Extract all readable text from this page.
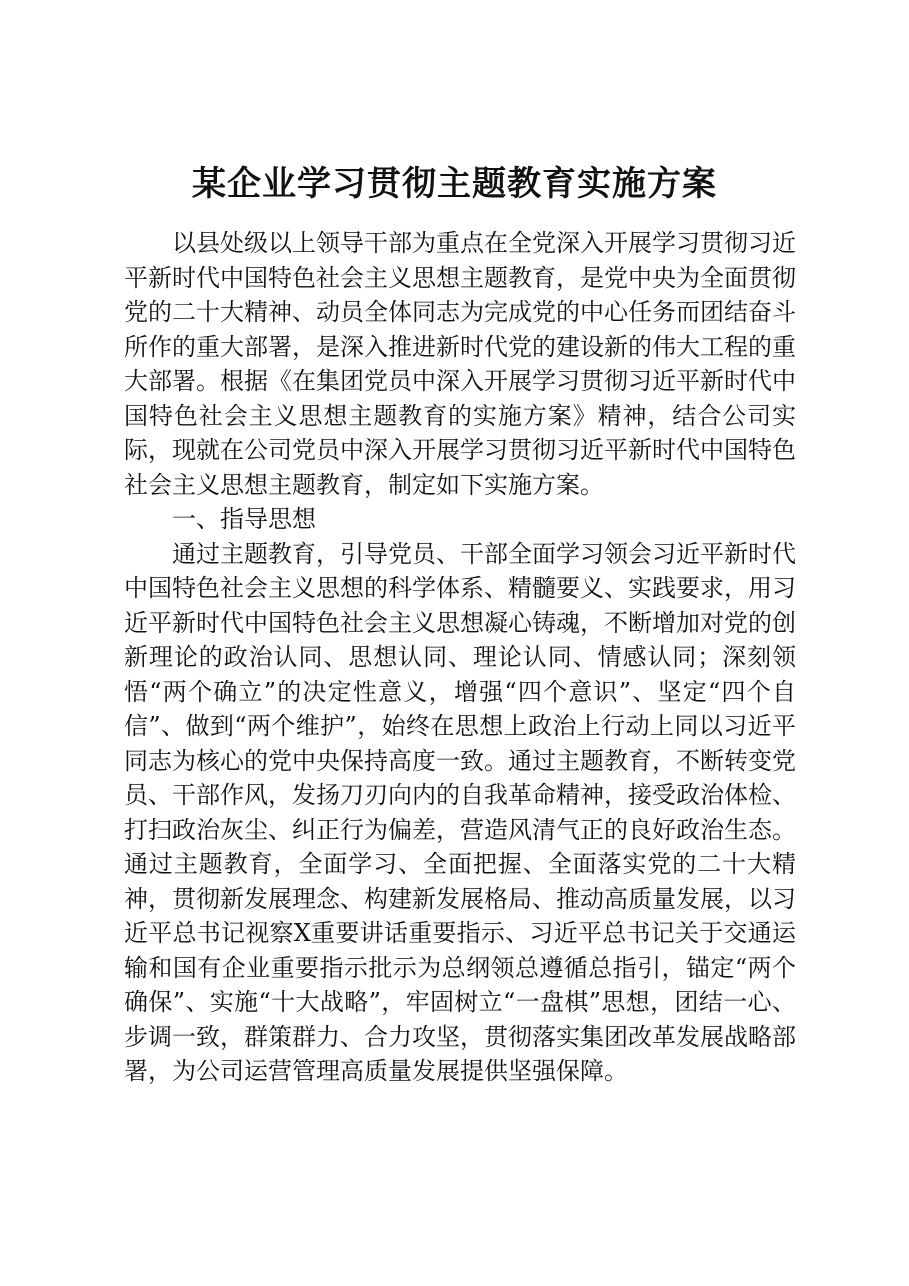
某企业学习贯彻主题教育实施方案

以县处级以上领导干部为重点在全党深入开展学习贯彻习近平新时代中国特色社会主义思想主题教育，是党中央为全面贯彻党的二十大精神、动员全体同志为完成党的中心任务而团结奋斗所作的重大部署，是深入推进新时代党的建设新的伟大工程的重大部署。根据《在集团党员中深入开展学习贯彻习近平新时代中国特色社会主义思想主题教育的实施方案》精神，结合公司实际，现就在公司党员中深入开展学习贯彻习近平新时代中国特色社会主义思想主题教育，制定如下实施方案。

一、指导思想

通过主题教育，引导党员、干部全面学习领会习近平新时代中国特色社会主义思想的科学体系、精髓要义、实践要求，用习近平新时代中国特色社会主义思想凝心铸魂，不断增加对党的创新理论的政治认同、思想认同、理论认同、情感认同；深刻领悟“两个确立”的决定性意义，增强“四个意识”、坚定“四个自信”、做到“两个维护”，始终在思想上政治上行动上同以习近平同志为核心的党中央保持高度一致。通过主题教育，不断转变党员、干部作风，发扬刀刃向内的自我革命精神，接受政治体检、打扫政治灰尘、纠正行为偏差，营造风清气正的良好政治生态。通过主题教育，全面学习、全面把握、全面落实党的二十大精神，贯彻新发展理念、构建新发展格局、推动高质量发展，以习近平总书记视察X重要讲话重要指示、习近平总书记关于交通运输和国有企业重要指示批示为总纲领总遵循总指引，锚定“两个确保”、实施“十大战略”，牢固树立“一盘棋”思想，团结一心、步调一致，群策群力、合力攻坚，贯彻落实集团改革发展战略部署，为公司运营管理高质量发展提供坚强保障。
